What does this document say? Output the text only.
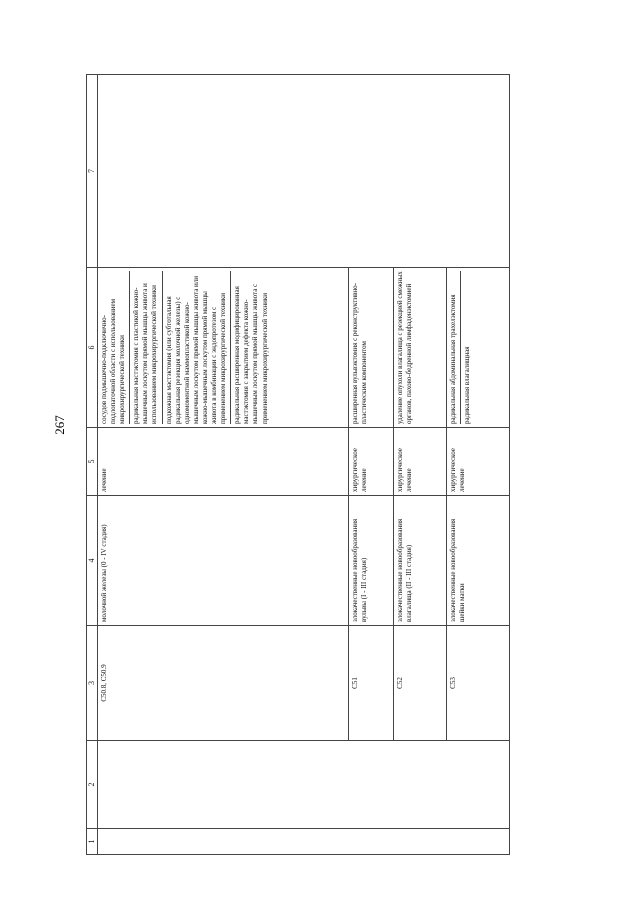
267
1	2	3	4	5	6	7

		C50.8, C50.9	молочной железы (0 - IV стадия)	лечение	сосудов подмышечно-подключично-подлопаточной области с использованием микрохирургической техники радикальная мастэктомия с пластикой кожно-мышечным лоскутом прямой мышцы живота и использованием микрохирургической техники подкожная мастэктомия (или субтотальная радикальная резекция молочной железы) с одномоментной маммопластикой кожно-мышечным лоскутом прямой мышцы живота или кожно-мышечным лоскутом прямой мышцы живота в комбинации с эндопротезом с применением микрохирургической техники радикальная расширенная модифицированная мастэктомия с закрытием дефекта кожно-мышечным лоскутом прямой мышцы живота с применением микрохирургической техники	

		C51	злокачественные новообразования вульвы (I - III стадия)	хирургическое лечение	расширенная вульвэктомия с реконструктивно-пластическим компонентом	

		C52	злокачественные новообразования влагалища (II - III стадия)	хирургическое лечение	удаление опухоли влагалища с резекцией смежных органов, пахово-бедренной лимфаденэктомией	

		C53	злокачественные новообразования шейки матки	хирургическое лечение	радикальная абдоминальная трахелэктомия радикальная влагалищная	
